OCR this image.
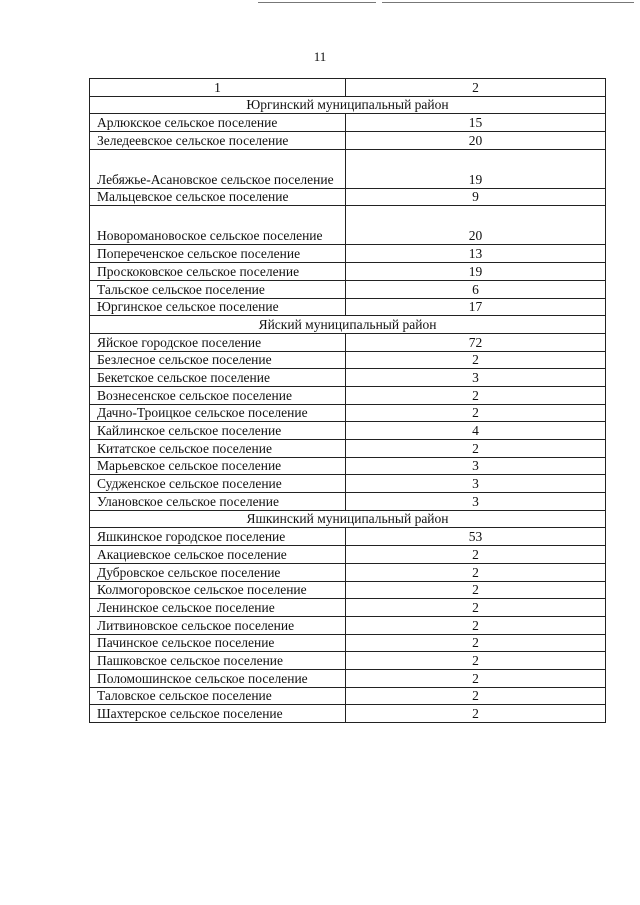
11
1	2
Юргинский муниципальный район	
Арлюкское сельское поселение	15
Зеледеевское сельское поселение	20
Лебяжье-Асановское сельское поселение	19
Мальцевское сельское поселение	9
Новоромановоское сельское поселение	20
Попереченское сельское поселение	13
Проскоковское сельское поселение	19
Тальское сельское поселение	6
Юргинское сельское поселение	17
Яйский муниципальный район	
Яйское городское поселение	72
Безлесное сельское поселение	2
Бекетское сельское поселение	3
Вознесенское сельское поселение	2
Дачно-Троицкое сельское поселение	2
Кайлинское сельское поселение	4
Китатское сельское поселение	2
Марьевское сельское поселение	3
Судженское сельское поселение	3
Улановское сельское поселение	3
Яшкинский муниципальный район	
Яшкинское городское поселение	53
Акациевское сельское поселение	2
Дубровское сельское поселение	2
Колмогоровское сельское поселение	2
Ленинское сельское поселение	2
Литвиновское сельское поселение	2
Пачинское сельское поселение	2
Пашковское сельское поселение	2
Поломошинское сельское поселение	2
Таловское сельское поселение	2
Шахтерское сельское поселение	2
